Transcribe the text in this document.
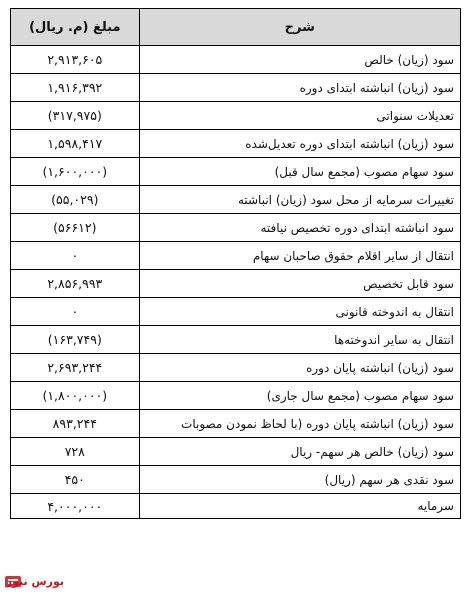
شرح	مبلغ (م. ریال)
سود (زیان) خالص	۲,۹۱۳,۶۰۵
سود (زیان) انباشته ابتدای دوره	۱,۹۱۶,۳۹۲
تعدیلات سنواتی	(۳۱۷,۹۷۵)
سود (زیان) انباشته ابتدای دوره تعدیل‌شده	۱,۵۹۸,۴۱۷
سود سهام مصوب (مجمع سال قبل)	(۱,۶۰۰,۰۰۰)
تغییرات سرمایه از محل سود (زیان) انباشته	(۵۵,۰۲۹)
سود انباشته ابتدای دوره تخصیص نیافته	(۵۶۶۱۲)
انتقال از سایر اقلام حقوق صاحبان سهام	۰
سود قابل تخصیص	۲,۸۵۶,۹۹۳
انتقال به اندوخته قانونی	۰
انتقال به سایر اندوخته‌ها	(۱۶۳,۷۴۹)
سود (زیان) انباشته پایان دوره	۲,۶۹۳,۲۴۴
سود سهام مصوب (مجمع سال جاری)	(۱,۸۰۰,۰۰۰)
سود (زیان) انباشته پایان دوره (با لحاظ نمودن مصوبات	۸۹۳,۲۴۴
سود (زیان) خالص هر سهم- ریال	۷۲۸
سود نقدی هر سهم (ریال)	۴۵۰
سرمایه	۴,۰۰۰,۰۰۰
بورس نیوز
